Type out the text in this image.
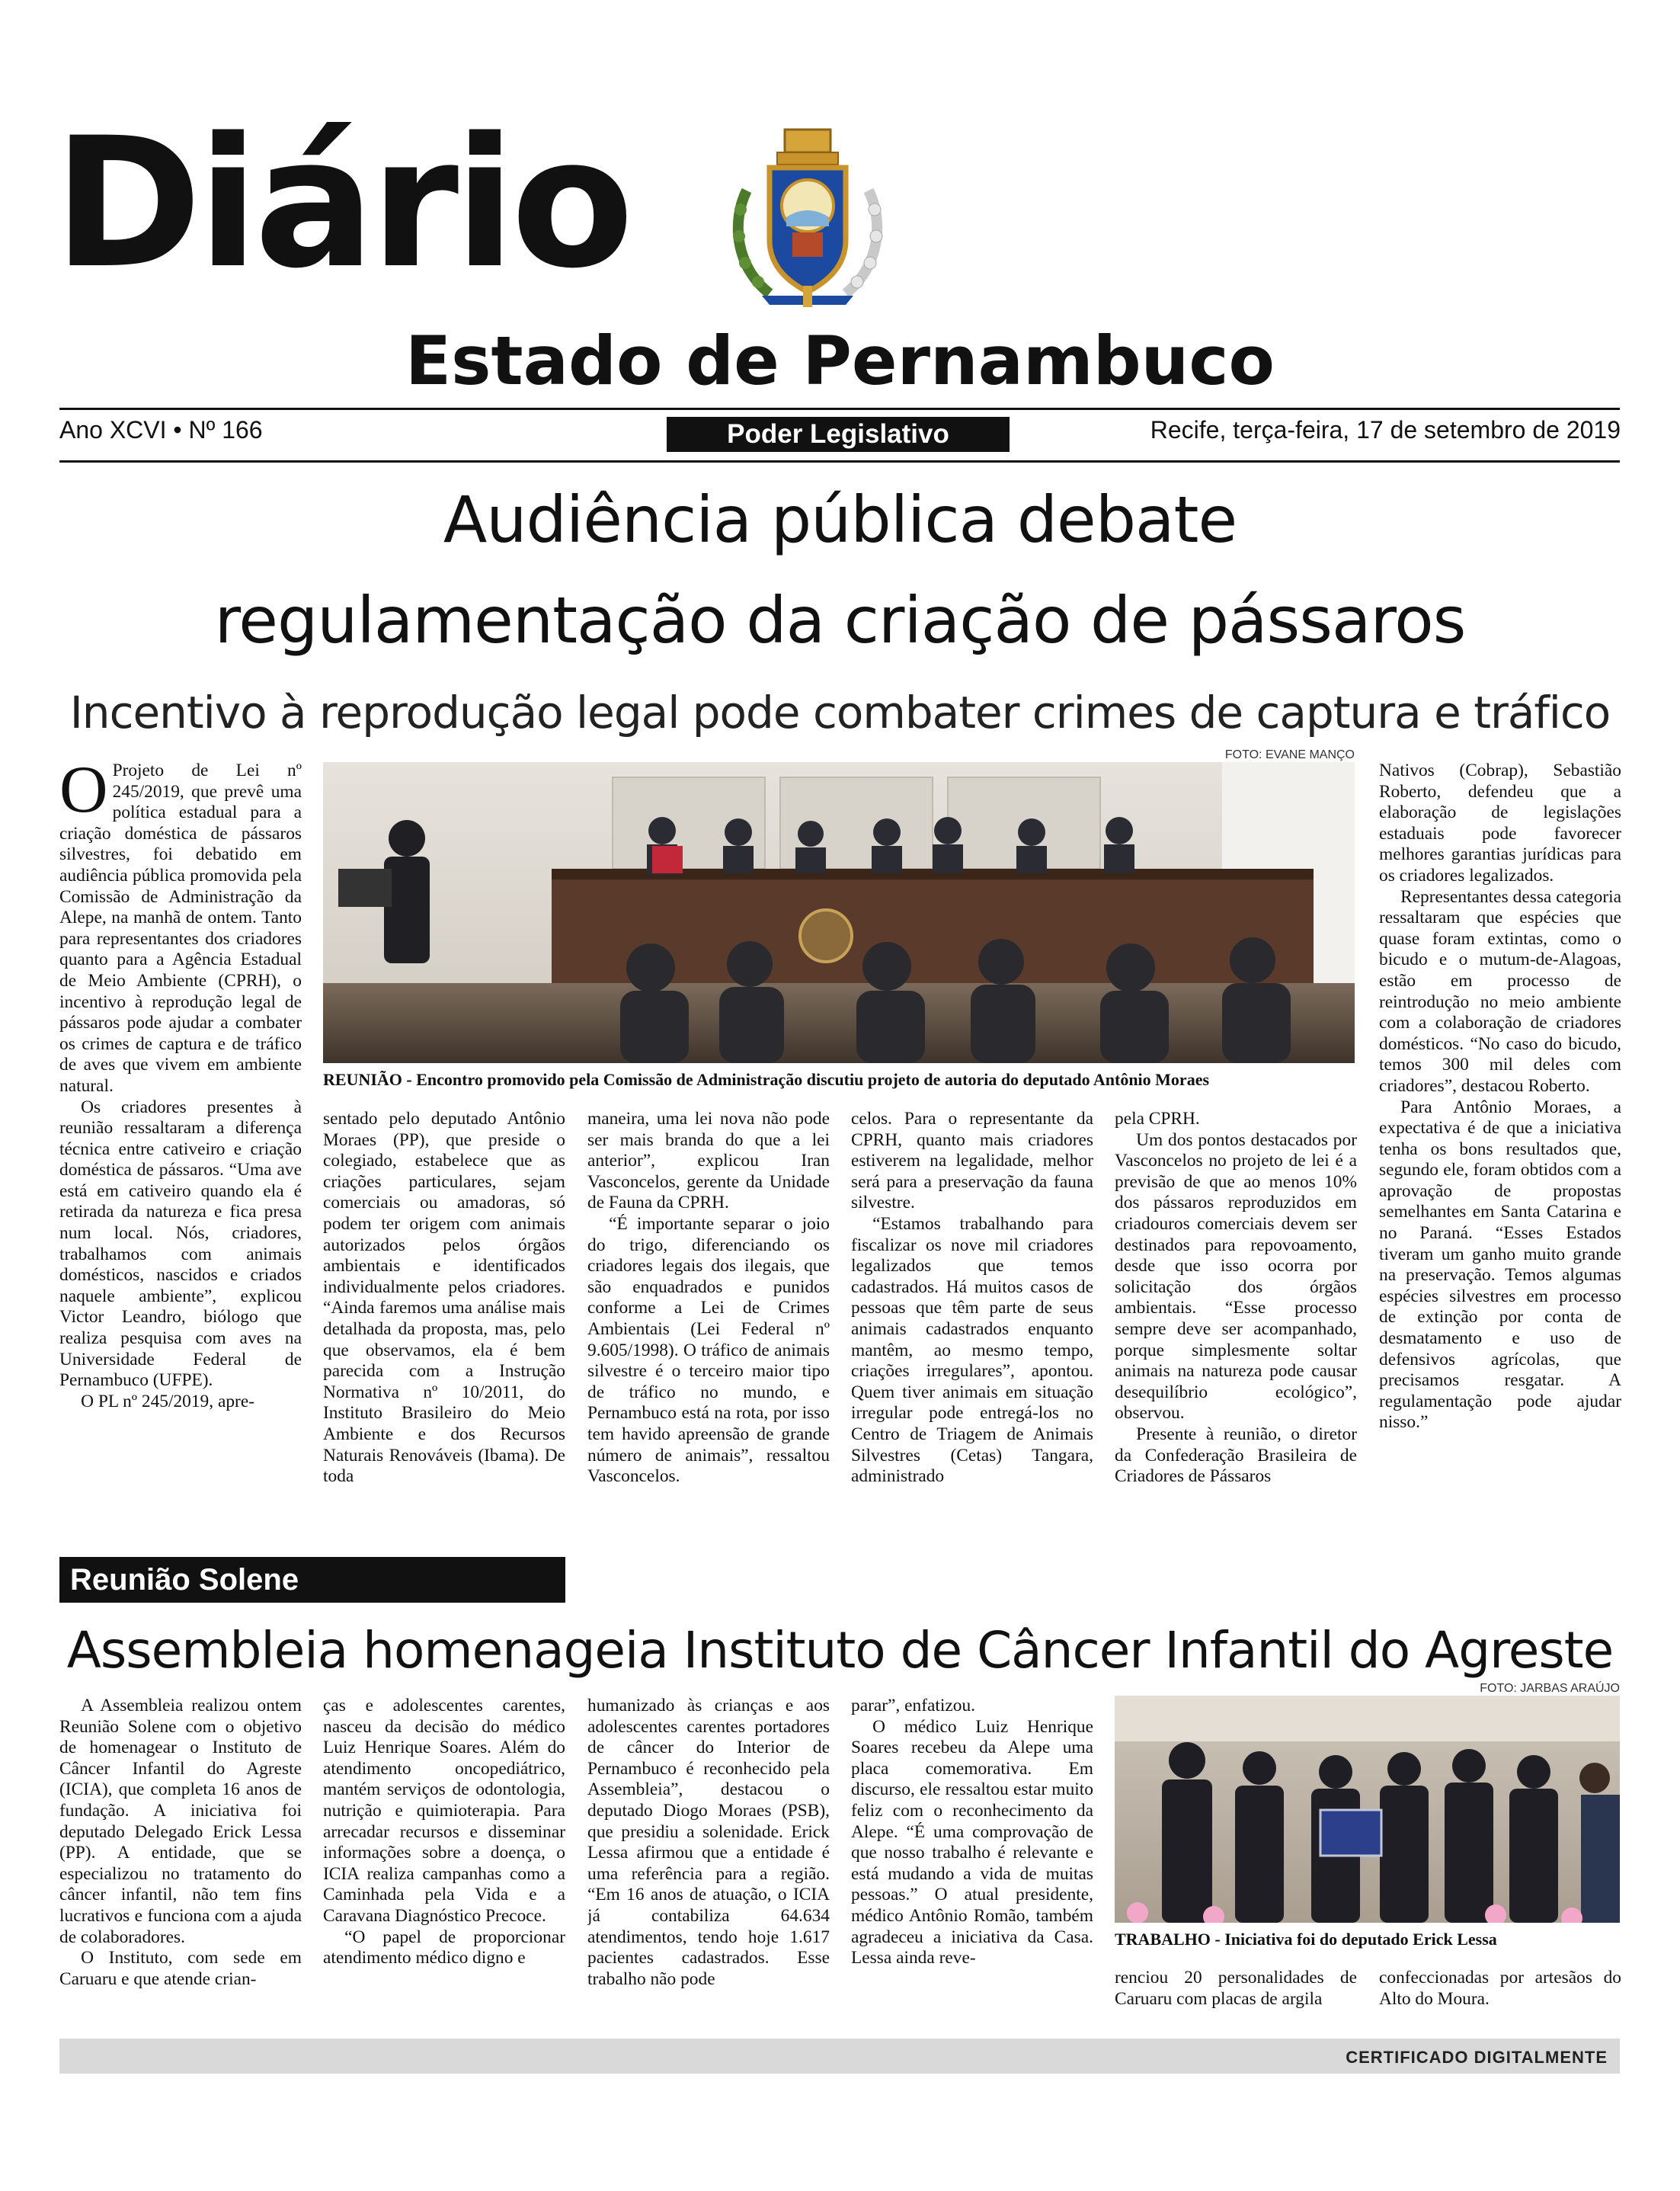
Diário
Estado de Pernambuco
Ano XCVI • Nº 166	Poder Legislativo	Recife, terça-feira, 17 de setembro de 2019
Audiência pública debate
regulamentação da criação de pássaros
Incentivo à reprodução legal pode combater crimes de captura e tráfico

O Projeto de Lei nº 245/2019, que prevê uma política estadual para a criação doméstica de pássaros silvestres, foi debatido em audiência pública promovida pela Comissão de Administração da Alepe, na manhã de ontem. Tanto para representantes dos criadores quanto para a Agência Estadual de Meio Ambiente (CPRH), o incentivo à reprodução legal de pássaros pode ajudar a combater os crimes de captura e de tráfico de aves que vivem em ambiente natural.

Os criadores presentes à reunião ressaltaram a diferença técnica entre cativeiro e criação doméstica de pássaros. “Uma ave está em cativeiro quando ela é retirada da natureza e fica presa num local. Nós, criadores, trabalhamos com animais domésticos, nascidos e criados naquele ambiente”, explicou Victor Leandro, biólogo que realiza pesquisa com aves na Universidade Federal de Pernambuco (UFPE).

O PL nº 245/2019, apre-

FOTO: EVANE MANÇO
REUNIÃO - Encontro promovido pela Comissão de Administração discutiu projeto de autoria do deputado Antônio Moraes

sentado pelo deputado Antônio Moraes (PP), que preside o colegiado, estabelece que as criações particulares, sejam comerciais ou amadoras, só podem ter origem com animais autorizados pelos órgãos ambientais e identificados individualmente pelos criadores. “Ainda faremos uma análise mais detalhada da proposta, mas, pelo que observamos, ela é bem parecida com a Instrução Normativa nº 10/2011, do Instituto Brasileiro do Meio Ambiente e dos Recursos Naturais Renováveis (Ibama). De toda

maneira, uma lei nova não pode ser mais branda do que a lei anterior”, explicou Iran Vasconcelos, gerente da Unidade de Fauna da CPRH.

“É importante separar o joio do trigo, diferenciando os criadores legais dos ilegais, que são enquadrados e punidos conforme a Lei de Crimes Ambientais (Lei Federal nº 9.605/1998). O tráfico de animais silvestre é o terceiro maior tipo de tráfico no mundo, e Pernambuco está na rota, por isso tem havido apreensão de grande número de animais”, ressaltou Vasconcelos.

celos. Para o representante da CPRH, quanto mais criadores estiverem na legalidade, melhor será para a preservação da fauna silvestre.

“Estamos trabalhando para fiscalizar os nove mil criadores legalizados que temos cadastrados. Há muitos casos de pessoas que têm parte de seus animais cadastrados enquanto mantêm, ao mesmo tempo, criações irregulares”, apontou. Quem tiver animais em situação irregular pode entregá-los no Centro de Triagem de Animais Silvestres (Cetas) Tangara, administrado

pela CPRH.

Um dos pontos destacados por Vasconcelos no projeto de lei é a previsão de que ao menos 10% dos pássaros reproduzidos em criadouros comerciais devem ser destinados para repovoamento, desde que isso ocorra por solicitação dos órgãos ambientais. “Esse processo sempre deve ser acompanhado, porque simplesmente soltar animais na natureza pode causar desequilíbrio ecológico”, observou.

Presente à reunião, o diretor da Confederação Brasileira de Criadores de Pássaros

Nativos (Cobrap), Sebastião Roberto, defendeu que a elaboração de legislações estaduais pode favorecer melhores garantias jurídicas para os criadores legalizados.

Representantes dessa categoria ressaltaram que espécies que quase foram extintas, como o bicudo e o mutum-de-Alagoas, estão em processo de reintrodução no meio ambiente com a colaboração de criadores domésticos. “No caso do bicudo, temos 300 mil deles com criadores”, destacou Roberto.

Para Antônio Moraes, a expectativa é de que a iniciativa tenha os bons resultados que, segundo ele, foram obtidos com a aprovação de propostas semelhantes em Santa Catarina e no Paraná. “Esses Estados tiveram um ganho muito grande na preservação. Temos algumas espécies silvestres em processo de extinção por conta de desmatamento e uso de defensivos agrícolas, que precisamos resgatar. A regulamentação pode ajudar nisso.”

Reunião Solene
Assembleia homenageia Instituto de Câncer Infantil do Agreste

A Assembleia realizou ontem Reunião Solene com o objetivo de homenagear o Instituto de Câncer Infantil do Agreste (ICIA), que completa 16 anos de fundação. A iniciativa foi deputado Delegado Erick Lessa (PP). A entidade, que se especializou no tratamento do câncer infantil, não tem fins lucrativos e funciona com a ajuda de colaboradores.

O Instituto, com sede em Caruaru e que atende crian-

ças e adolescentes carentes, nasceu da decisão do médico Luiz Henrique Soares. Além do atendimento oncopediátrico, mantém serviços de odontologia, nutrição e quimioterapia. Para arrecadar recursos e disseminar informações sobre a doença, o ICIA realiza campanhas como a Caminhada pela Vida e a Caravana Diagnóstico Precoce.

“O papel de proporcionar atendimento médico digno e

humanizado às crianças e aos adolescentes carentes portadores de câncer do Interior de Pernambuco é reconhecido pela Assembleia”, destacou o deputado Diogo Moraes (PSB), que presidiu a solenidade. Erick Lessa afirmou que a entidade é uma referência para a região. “Em 16 anos de atuação, o ICIA já contabiliza 64.634 atendimentos, tendo hoje 1.617 pacientes cadastrados. Esse trabalho não pode

parar”, enfatizou.

O médico Luiz Henrique Soares recebeu da Alepe uma placa comemorativa. Em discurso, ele ressaltou estar muito feliz com o reconhecimento da Alepe. “É uma comprovação de que nosso trabalho é relevante e está mudando a vida de muitas pessoas.” O atual presidente, médico Antônio Romão, também agradeceu a iniciativa da Casa. Lessa ainda reve-

FOTO: JARBAS ARAÚJO
TRABALHO - Iniciativa foi do deputado Erick Lessa

renciou 20 personalidades de Caruaru com placas de argila

confeccionadas por artesãos do Alto do Moura.

CERTIFICADO DIGITALMENTE
